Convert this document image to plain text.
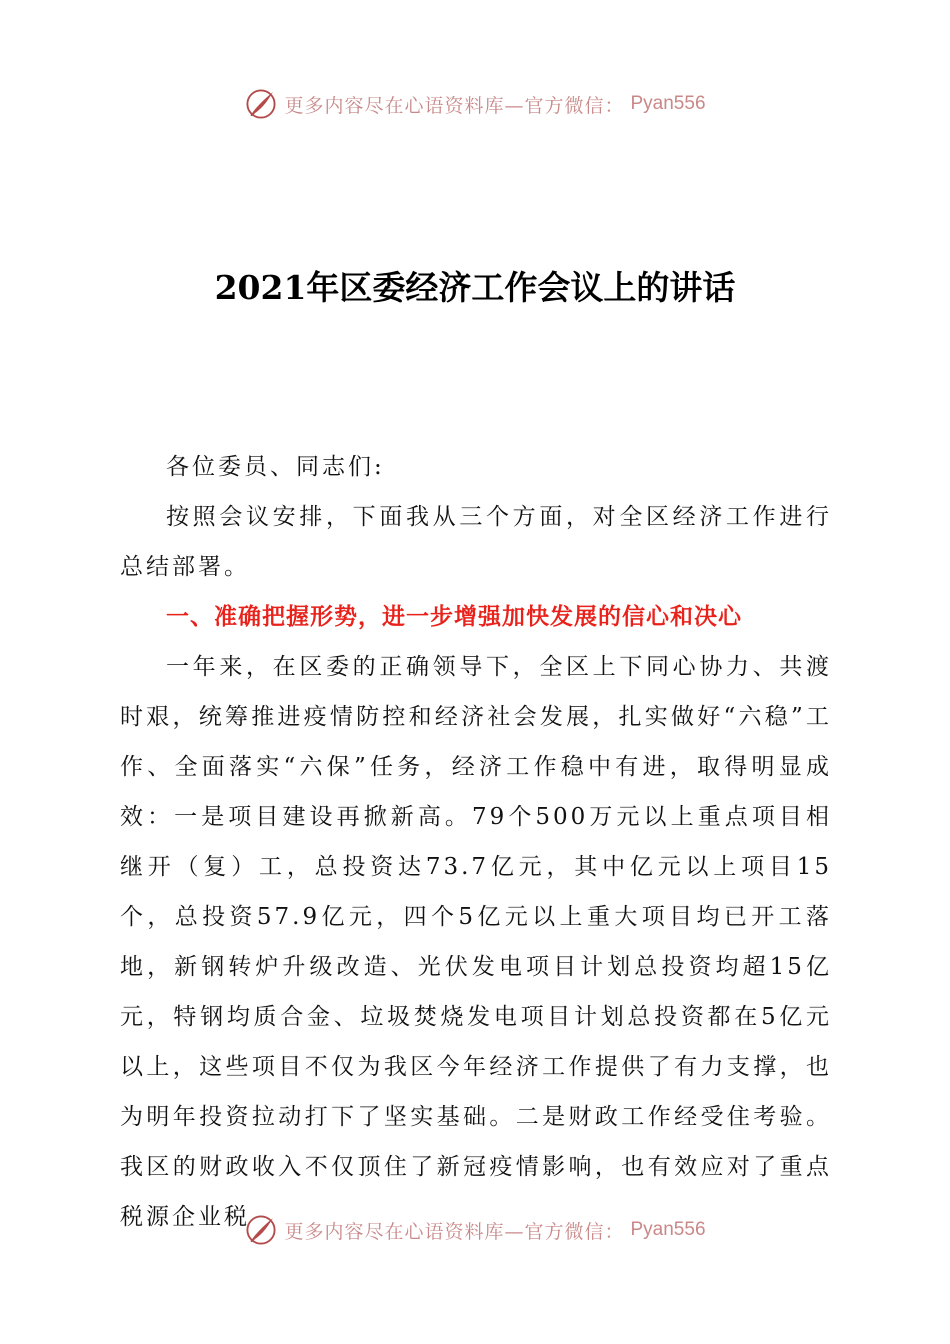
更多内容尽在心语资料库—官方微信： Pyan556
2021年区委经济工作会议上的讲话

各位委员、同志们:

按照会议安排，下面我从三个方面，对全区经济工作进行总结部署。

一、准确把握形势，进一步增强加快发展的信心和决心

一年来，在区委的正确领导下，全区上下同心协力、共渡时艰，统筹推进疫情防控和经济社会发展，扎实做好“六稳”工作、全面落实“六保”任务，经济工作稳中有进，取得明显成效：一是项目建设再掀新高。79个500万元以上重点项目相继开（复）工，总投资达73.7亿元，其中亿元以上项目15个，总投资57.9亿元，四个5亿元以上重大项目均已开工落地，新钢转炉升级改造、光伏发电项目计划总投资均超15亿元，特钢均质合金、垃圾焚烧发电项目计划总投资都在5亿元以上，这些项目不仅为我区今年经济工作提供了有力支撑，也为明年投资拉动打下了坚实基础。二是财政工作经受住考验。我区的财政收入不仅顶住了新冠疫情影响，也有效应对了重点税源企业税

更多内容尽在心语资料库—官方微信： Pyan556
